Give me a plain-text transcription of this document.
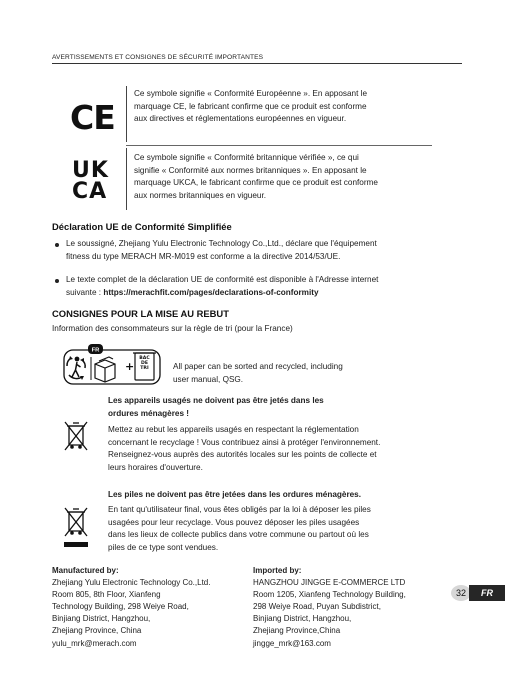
AVERTISSEMENTS ET CONSIGNES DE SÉCURITÉ IMPORTANTES
CE
Ce symbole signifie « Conformité Européenne ». En apposant le
marquage CE, le fabricant confirme que ce produit est conforme
aux directives et réglementations européennes en vigueur.
UK
CA
Ce symbole signifie « Conformité britannique vérifiée », ce qui
signifie « Conformité aux normes britanniques ». En apposant le
marquage UKCA, le fabricant confirme que ce produit est conforme
aux normes britanniques en vigueur.
Déclaration UE de Conformité Simplifiée
Le soussigné, Zhejiang Yulu Electronic Technology Co.,Ltd., déclare que l'équipement
fitness du type MERACH MR-M019 est conforme a la directive 2014/53/UE.
Le texte complet de la déclaration UE de conformité est disponible à l'Adresse internet
suivante : https://merachfit.com/pages/declarations-of-conformity
CONSIGNES POUR LA MISE AU REBUT
Information des consommateurs sur la règle de tri (pour la France)
FR
+
BAC
DE
TRI	All paper can be sorted and recycled, including
user manual, QSG.
Les appareils usagés ne doivent pas être jetés dans les
ordures ménagères !
Mettez au rebut les appareils usagés en respectant la réglementation
concernant le recyclage ! Vous contribuez ainsi à protéger l'environnement.
Renseignez-vous auprès des autorités locales sur les points de collecte et
leurs horaires d'ouverture.
Les piles ne doivent pas être jetées dans les ordures ménagères.
En tant qu'utilisateur final, vous êtes obligés par la loi à déposer les piles
usagées pour leur recyclage. Vous pouvez déposer les piles usagées
dans les lieux de collecte publics dans votre commune ou partout où les
piles de ce type sont vendues.
Manufactured by:
Zhejiang Yulu Electronic Technology Co.,Ltd.
Room 805, 8th Floor, Xianfeng
Technology Building, 298 Weiye Road,
Binjiang District, Hangzhou,
Zhejiang Province, China
yulu_mrk@merach.com
Imported by:
HANGZHOU JINGGE E-COMMERCE LTD
Room 1205, Xianfeng Technology Building,
298 Weiye Road, Puyan Subdistrict,
Binjiang District, Hangzhou,
Zhejiang Province,China
jingge_mrk@163.com
32	FR
